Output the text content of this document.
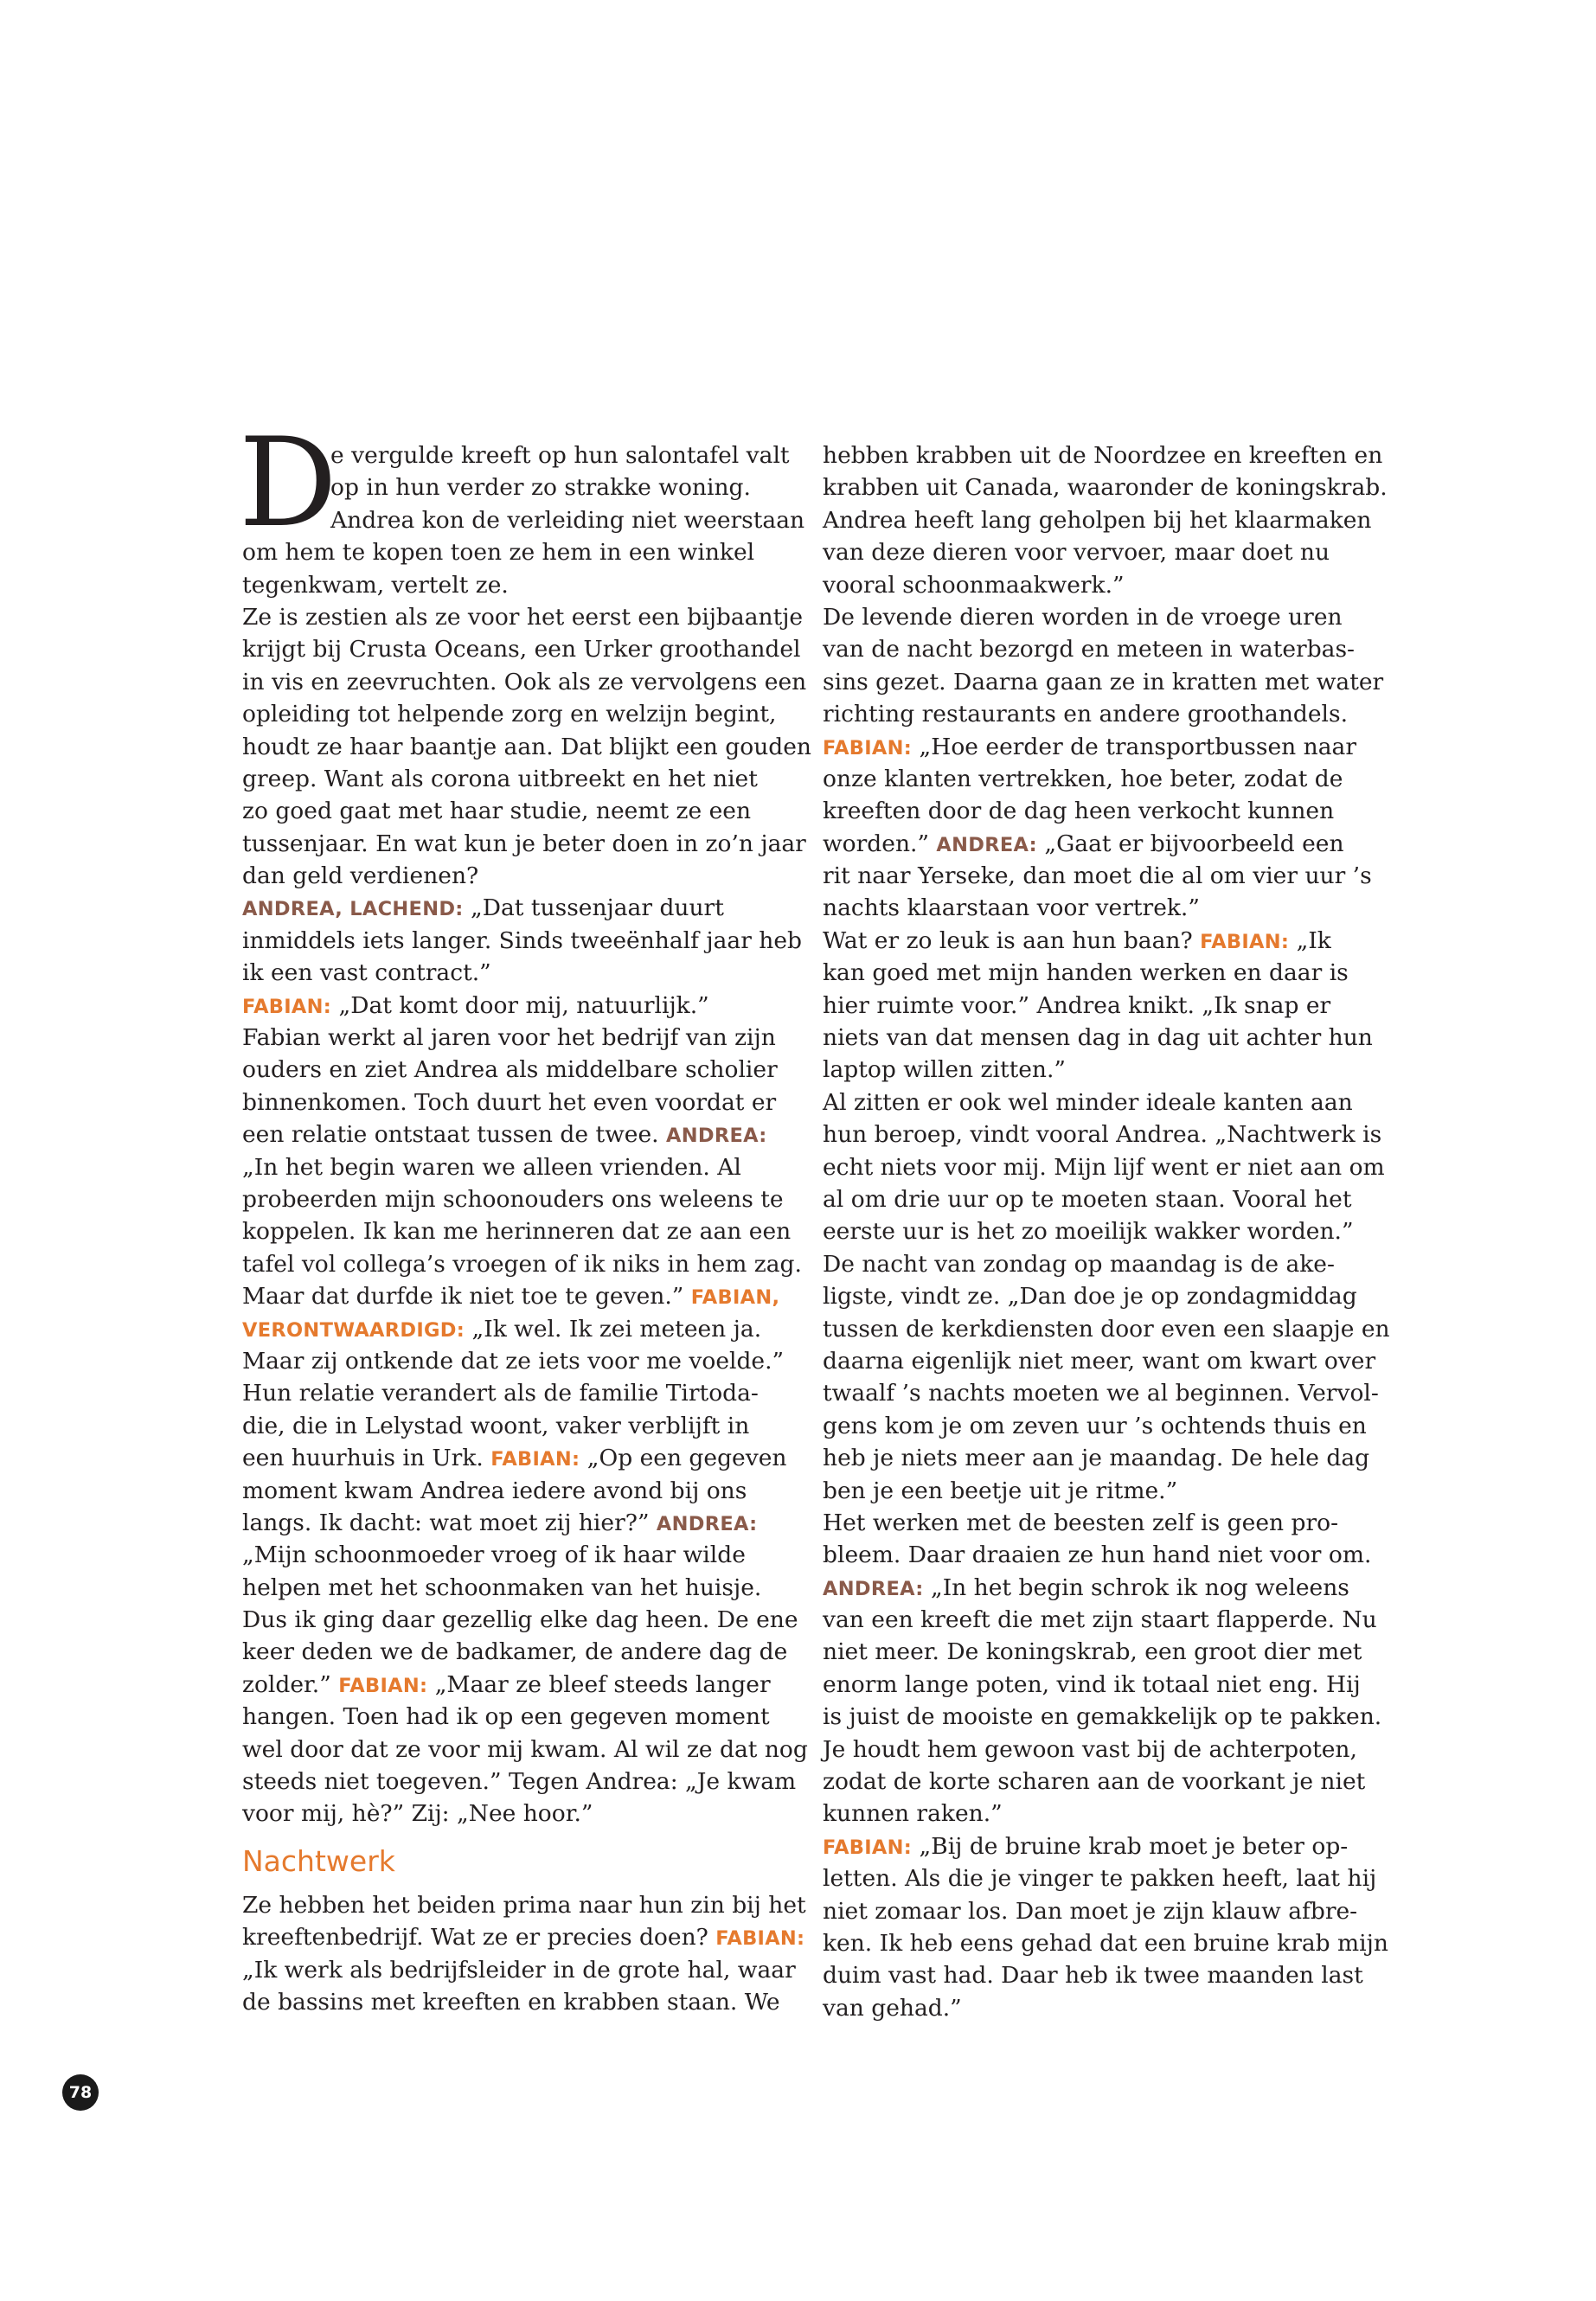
D
e vergulde kreeft op hun salontafel valt
op in hun verder zo strakke woning.
Andrea kon de verleiding niet weerstaan
om hem te kopen toen ze hem in een winkel
tegenkwam, vertelt ze.
Ze is zestien als ze voor het eerst een bijbaantje
krijgt bij Crusta Oceans, een Urker groothandel
in vis en zeevruchten. Ook als ze vervolgens een
opleiding tot helpende zorg en welzijn begint,
houdt ze haar baantje aan. Dat blijkt een gouden
greep. Want als corona uitbreekt en het niet
zo goed gaat met haar studie, neemt ze een
tussenjaar. En wat kun je beter doen in zo’n jaar
dan geld verdienen?
ANDREA, LACHEND: „Dat tussenjaar duurt
inmiddels iets langer. Sinds tweeënhalf jaar heb
ik een vast contract.”
FABIAN: „Dat komt door mij, natuurlijk.”
Fabian werkt al jaren voor het bedrijf van zijn
ouders en ziet Andrea als middelbare scholier
binnenkomen. Toch duurt het even voordat er
een relatie ontstaat tussen de twee. ANDREA:
„In het begin waren we alleen vrienden. Al
probeerden mijn schoonouders ons weleens te
koppelen. Ik kan me herinneren dat ze aan een
tafel vol collega’s vroegen of ik niks in hem zag.
Maar dat durfde ik niet toe te geven.” FABIAN,
VERONTWAARDIGD: „Ik wel. Ik zei meteen ja.
Maar zij ontkende dat ze iets voor me voelde.”
Hun relatie verandert als de familie Tirtoda-
die, die in Lelystad woont, vaker verblijft in
een huurhuis in Urk. FABIAN: „Op een gegeven
moment kwam Andrea iedere avond bij ons
langs. Ik dacht: wat moet zij hier?” ANDREA:
„Mijn schoonmoeder vroeg of ik haar wilde
helpen met het schoonmaken van het huisje.
Dus ik ging daar gezellig elke dag heen. De ene
keer deden we de badkamer, de andere dag de
zolder.” FABIAN: „Maar ze bleef steeds langer
hangen. Toen had ik op een gegeven moment
wel door dat ze voor mij kwam. Al wil ze dat nog
steeds niet toegeven.” Tegen Andrea: „Je kwam
voor mij, hè?” Zij: „Nee hoor.”
Nachtwerk
Ze hebben het beiden prima naar hun zin bij het
kreeftenbedrijf. Wat ze er precies doen? FABIAN:
„Ik werk als bedrijfsleider in de grote hal, waar
de bassins met kreeften en krabben staan. We
hebben krabben uit de Noordzee en kreeften en
krabben uit Canada, waaronder de koningskrab.
Andrea heeft lang geholpen bij het klaarmaken
van deze dieren voor vervoer, maar doet nu
vooral schoonmaakwerk.”
De levende dieren worden in de vroege uren
van de nacht bezorgd en meteen in waterbas-
sins gezet. Daarna gaan ze in kratten met water
richting restaurants en andere groothandels.
FABIAN: „Hoe eerder de transportbussen naar
onze klanten vertrekken, hoe beter, zodat de
kreeften door de dag heen verkocht kunnen
worden.” ANDREA: „Gaat er bijvoorbeeld een
rit naar Yerseke, dan moet die al om vier uur ’s
nachts klaarstaan voor vertrek.”
Wat er zo leuk is aan hun baan? FABIAN: „Ik
kan goed met mijn handen werken en daar is
hier ruimte voor.” Andrea knikt. „Ik snap er
niets van dat mensen dag in dag uit achter hun
laptop willen zitten.”
Al zitten er ook wel minder ideale kanten aan
hun beroep, vindt vooral Andrea. „Nachtwerk is
echt niets voor mij. Mijn lijf went er niet aan om
al om drie uur op te moeten staan. Vooral het
eerste uur is het zo moeilijk wakker worden.”
De nacht van zondag op maandag is de ake-
ligste, vindt ze. „Dan doe je op zondagmiddag
tussen de kerkdiensten door even een slaapje en
daarna eigenlijk niet meer, want om kwart over
twaalf ’s nachts moeten we al beginnen. Vervol-
gens kom je om zeven uur ’s ochtends thuis en
heb je niets meer aan je maandag. De hele dag
ben je een beetje uit je ritme.”
Het werken met de beesten zelf is geen pro-
bleem. Daar draaien ze hun hand niet voor om.
ANDREA: „In het begin schrok ik nog weleens
van een kreeft die met zijn staart flapperde. Nu
niet meer. De koningskrab, een groot dier met
enorm lange poten, vind ik totaal niet eng. Hij
is juist de mooiste en gemakkelijk op te pakken.
Je houdt hem gewoon vast bij de achterpoten,
zodat de korte scharen aan de voorkant je niet
kunnen raken.”
FABIAN: „Bij de bruine krab moet je beter op-
letten. Als die je vinger te pakken heeft, laat hij
niet zomaar los. Dan moet je zijn klauw afbre-
ken. Ik heb eens gehad dat een bruine krab mijn
duim vast had. Daar heb ik twee maanden last
van gehad.”
78
